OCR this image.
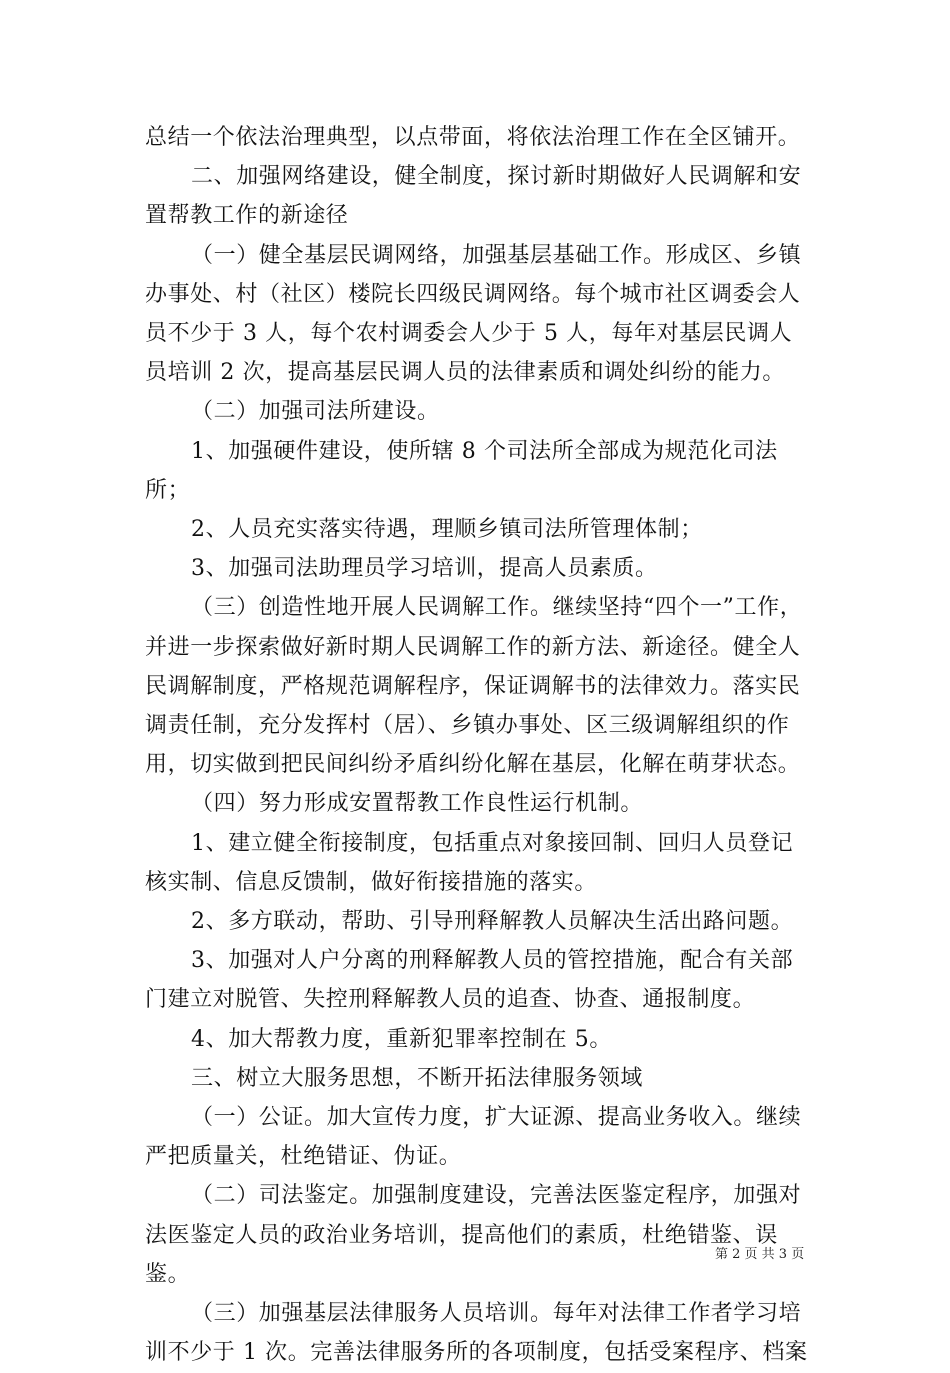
总结一个依法治理典型，以点带面，将依法治理工作在全区铺开。

二、加强网络建设，健全制度，探讨新时期做好人民调解和安置帮教工作的新途径

（一）健全基层民调网络，加强基层基础工作。形成区、乡镇办事处、村（社区）楼院长四级民调网络。每个城市社区调委会人员不少于 3 人，每个农村调委会人少于 5 人，每年对基层民调人员培训 2 次，提高基层民调人员的法律素质和调处纠纷的能力。

（二）加强司法所建设。

1、加强硬件建设，使所辖 8 个司法所全部成为规范化司法所；

2、人员充实落实待遇，理顺乡镇司法所管理体制；

3、加强司法助理员学习培训，提高人员素质。

（三）创造性地开展人民调解工作。继续坚持“四个一”工作，并进一步探索做好新时期人民调解工作的新方法、新途径。健全人民调解制度，严格规范调解程序，保证调解书的法律效力。落实民调责任制，充分发挥村（居）、乡镇办事处、区三级调解组织的作用，切实做到把民间纠纷矛盾纠纷化解在基层，化解在萌芽状态。

（四）努力形成安置帮教工作良性运行机制。

1、建立健全衔接制度，包括重点对象接回制、回归人员登记核实制、信息反馈制，做好衔接措施的落实。

2、多方联动，帮助、引导刑释解教人员解决生活出路问题。

3、加强对人户分离的刑释解教人员的管控措施，配合有关部门建立对脱管、失控刑释解教人员的追查、协查、通报制度。

4、加大帮教力度，重新犯罪率控制在 5。

三、树立大服务思想，不断开拓法律服务领域

（一）公证。加大宣传力度，扩大证源、提高业务收入。继续严把质量关，杜绝错证、伪证。

（二）司法鉴定。加强制度建设，完善法医鉴定程序，加强对法医鉴定人员的政治业务培训，提高他们的素质，杜绝错鉴、误鉴。

（三）加强基层法律服务人员培训。每年对法律工作者学习培训不少于 1 次。完善法律服务所的各项制度，包括受案程序、档案

第 2 页 共 3 页
